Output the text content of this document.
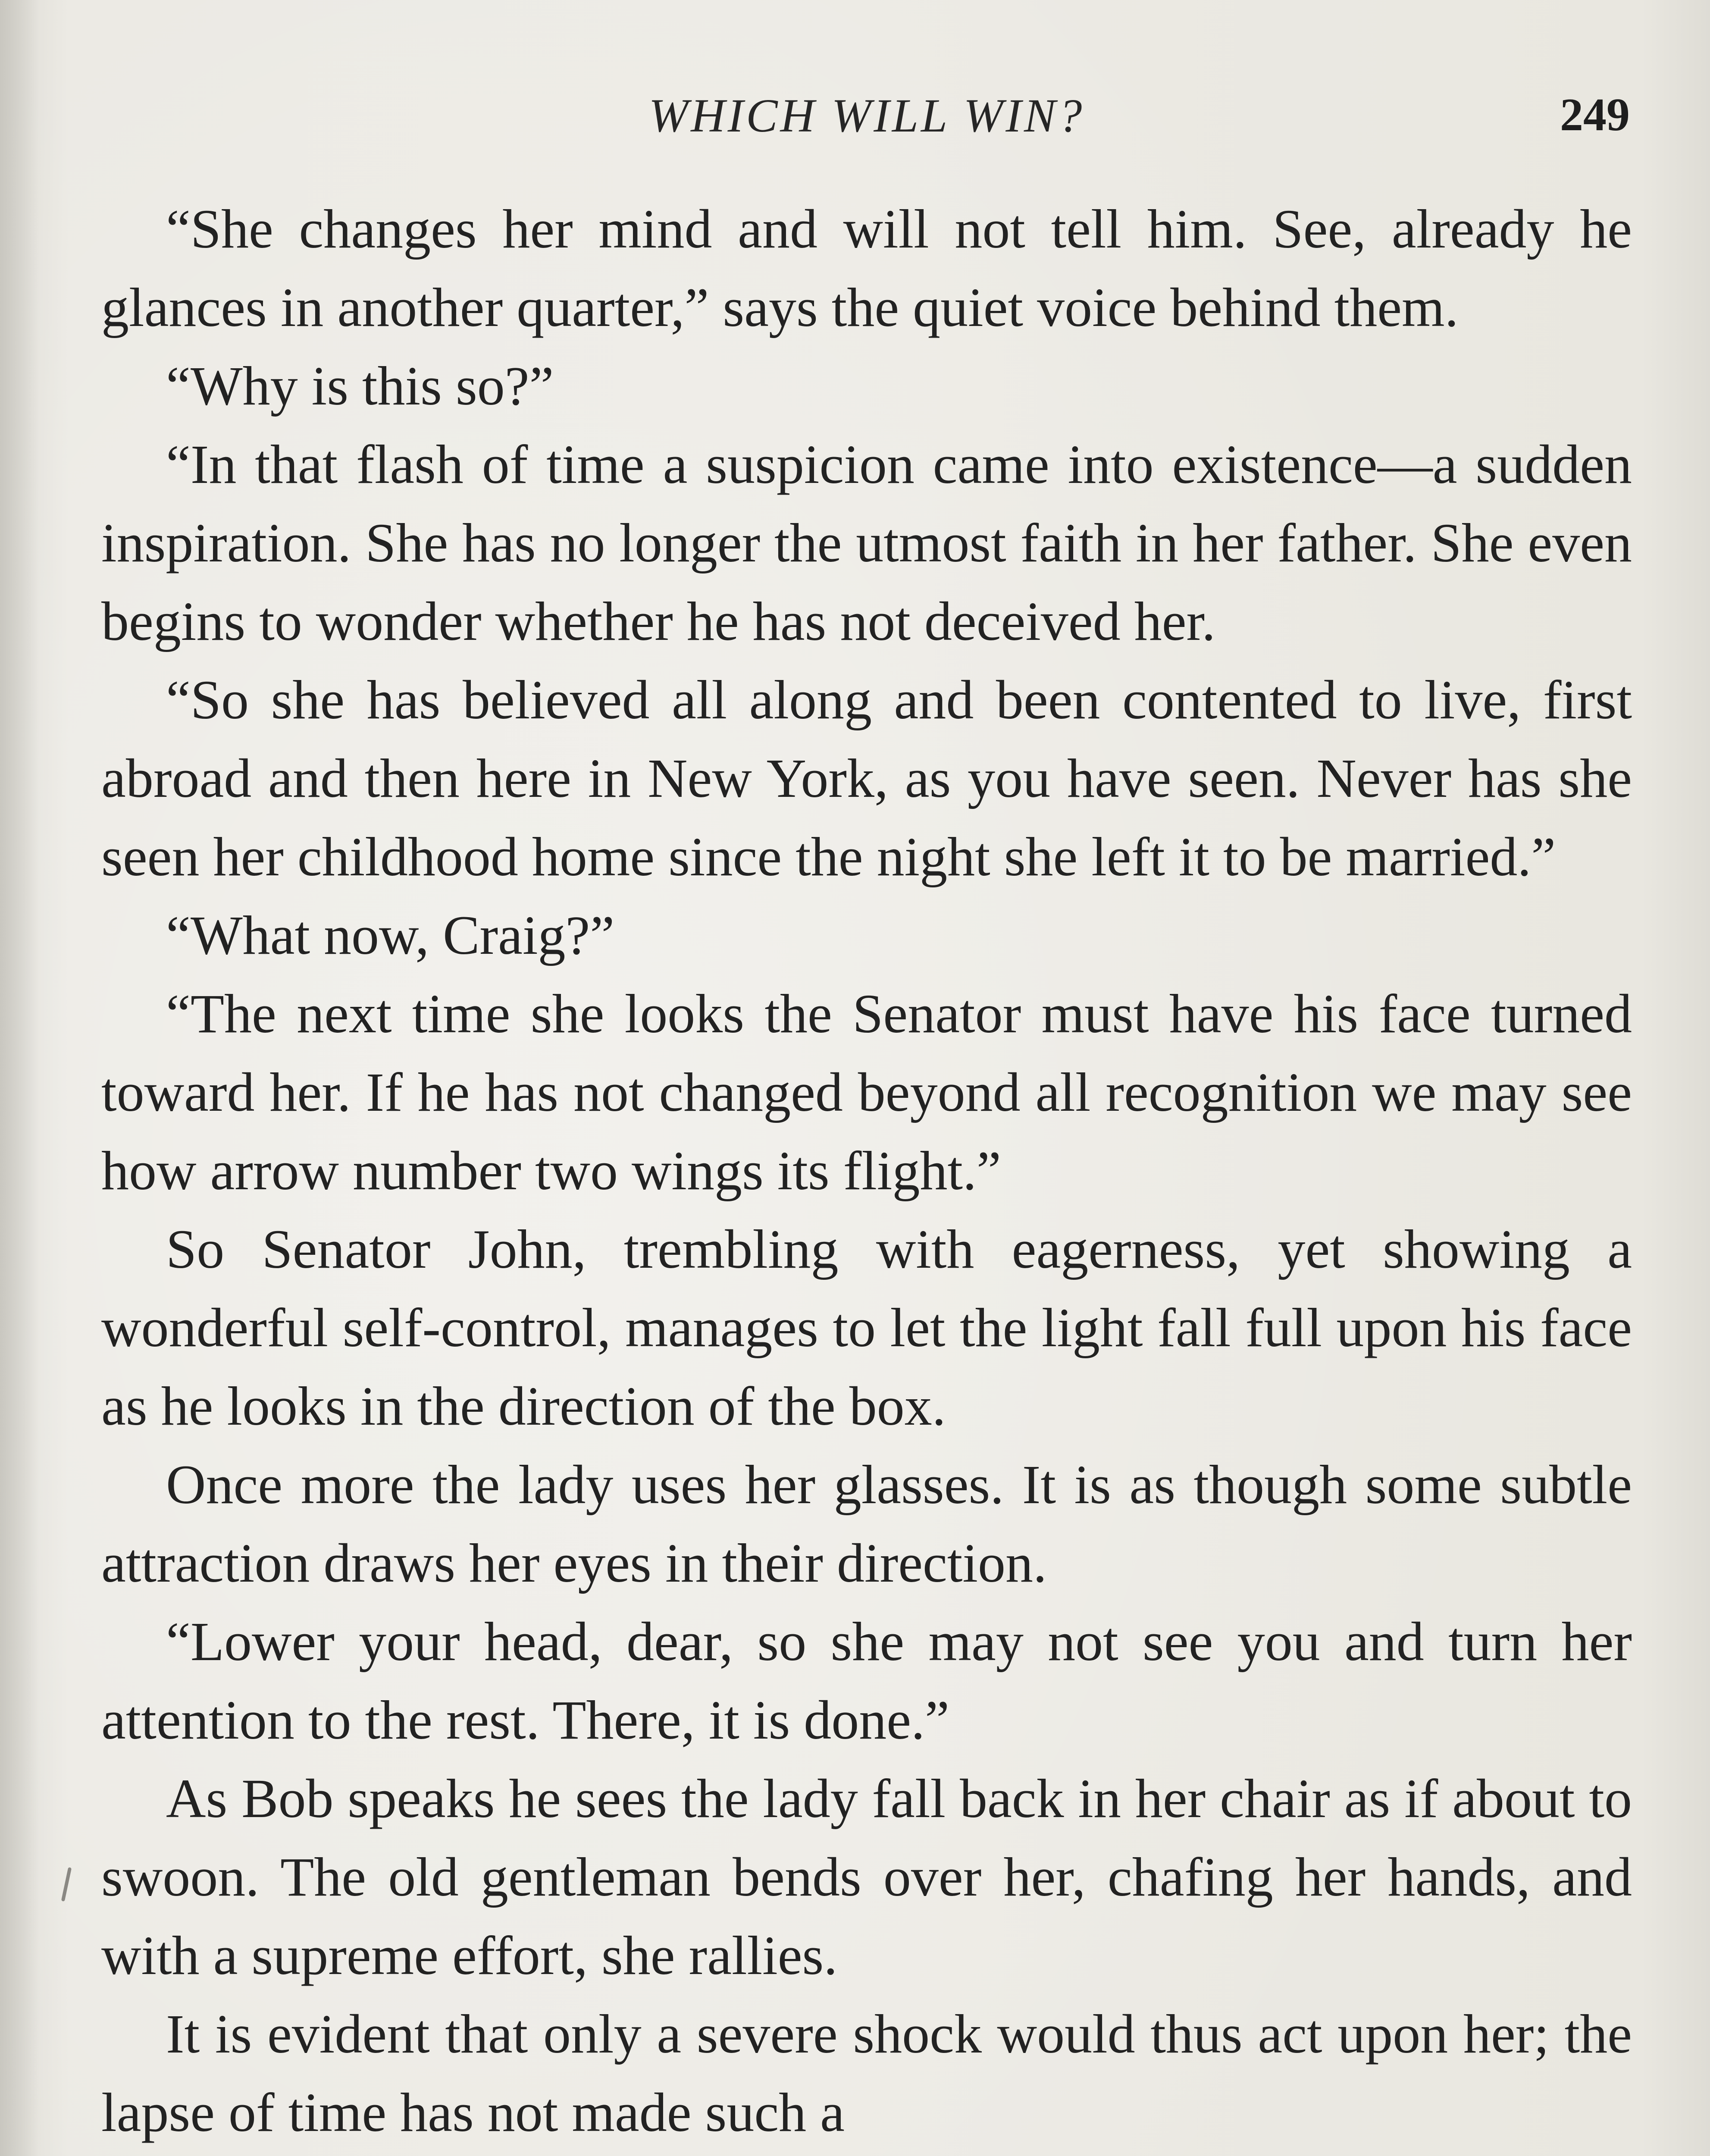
WHICH WILL WIN?	249

“She changes her mind and will not tell him. See, already he glances in another quarter,” says the quiet voice behind them.

“Why is this so?”

“In that flash of time a suspicion came into existence—a sudden inspiration. She has no longer the utmost faith in her father. She even begins to wonder whether he has not deceived her.

“So she has believed all along and been contented to live, first abroad and then here in New York, as you have seen. Never has she seen her childhood home since the night she left it to be married.”

“What now, Craig?”

“The next time she looks the Senator must have his face turned toward her. If he has not changed beyond all recognition we may see how arrow number two wings its flight.”

So Senator John, trembling with eagerness, yet showing a wonderful self-control, manages to let the light fall full upon his face as he looks in the direction of the box.

Once more the lady uses her glasses. It is as though some subtle attraction draws her eyes in their direction.

“Lower your head, dear, so she may not see you and turn her attention to the rest. There, it is done.”

As Bob speaks he sees the lady fall back in her chair as if about to swoon. The old gentleman bends over her, chafing her hands, and with a supreme effort, she rallies.

It is evident that only a severe shock would thus act upon her; the lapse of time has not made such a
